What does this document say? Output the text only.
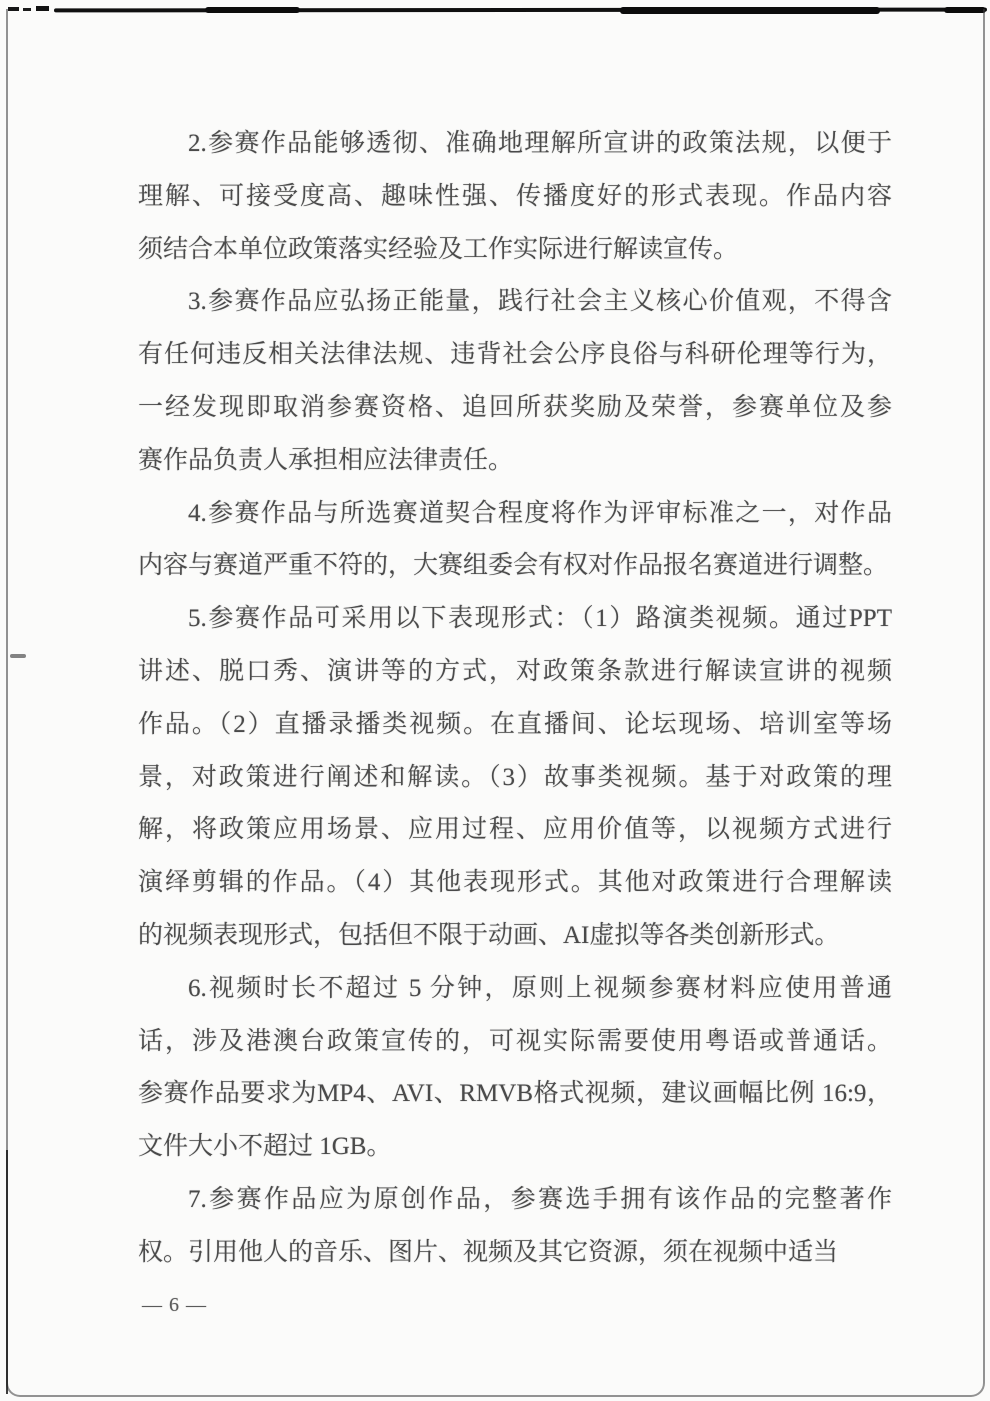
2.参赛作品能够透彻、准确地理解所宣讲的政策法规，以便于
理解、可接受度高、趣味性强、传播度好的形式表现。作品内容
须结合本单位政策落实经验及工作实际进行解读宣传。
3.参赛作品应弘扬正能量，践行社会主义核心价值观，不得含
有任何违反相关法律法规、违背社会公序良俗与科研伦理等行为，
一经发现即取消参赛资格、追回所获奖励及荣誉，参赛单位及参
赛作品负责人承担相应法律责任。
4.参赛作品与所选赛道契合程度将作为评审标准之一，对作品
内容与赛道严重不符的，大赛组委会有权对作品报名赛道进行调整。
5.参赛作品可采用以下表现形式：（1）路演类视频。通过PPT
讲述、脱口秀、演讲等的方式，对政策条款进行解读宣讲的视频
作品。（2）直播录播类视频。在直播间、论坛现场、培训室等场
景，对政策进行阐述和解读。（3）故事类视频。基于对政策的理
解，将政策应用场景、应用过程、应用价值等，以视频方式进行
演绎剪辑的作品。（4）其他表现形式。其他对政策进行合理解读
的视频表现形式，包括但不限于动画、AI虚拟等各类创新形式。
6.视频时长不超过 5 分钟，原则上视频参赛材料应使用普通
话，涉及港澳台政策宣传的，可视实际需要使用粤语或普通话。
参赛作品要求为MP4、AVI、RMVB格式视频，建议画幅比例 16:9，
文件大小不超过 1GB。
7.参赛作品应为原创作品，参赛选手拥有该作品的完整著作
权。引用他人的音乐、图片、视频及其它资源，须在视频中适当
— 6 —
